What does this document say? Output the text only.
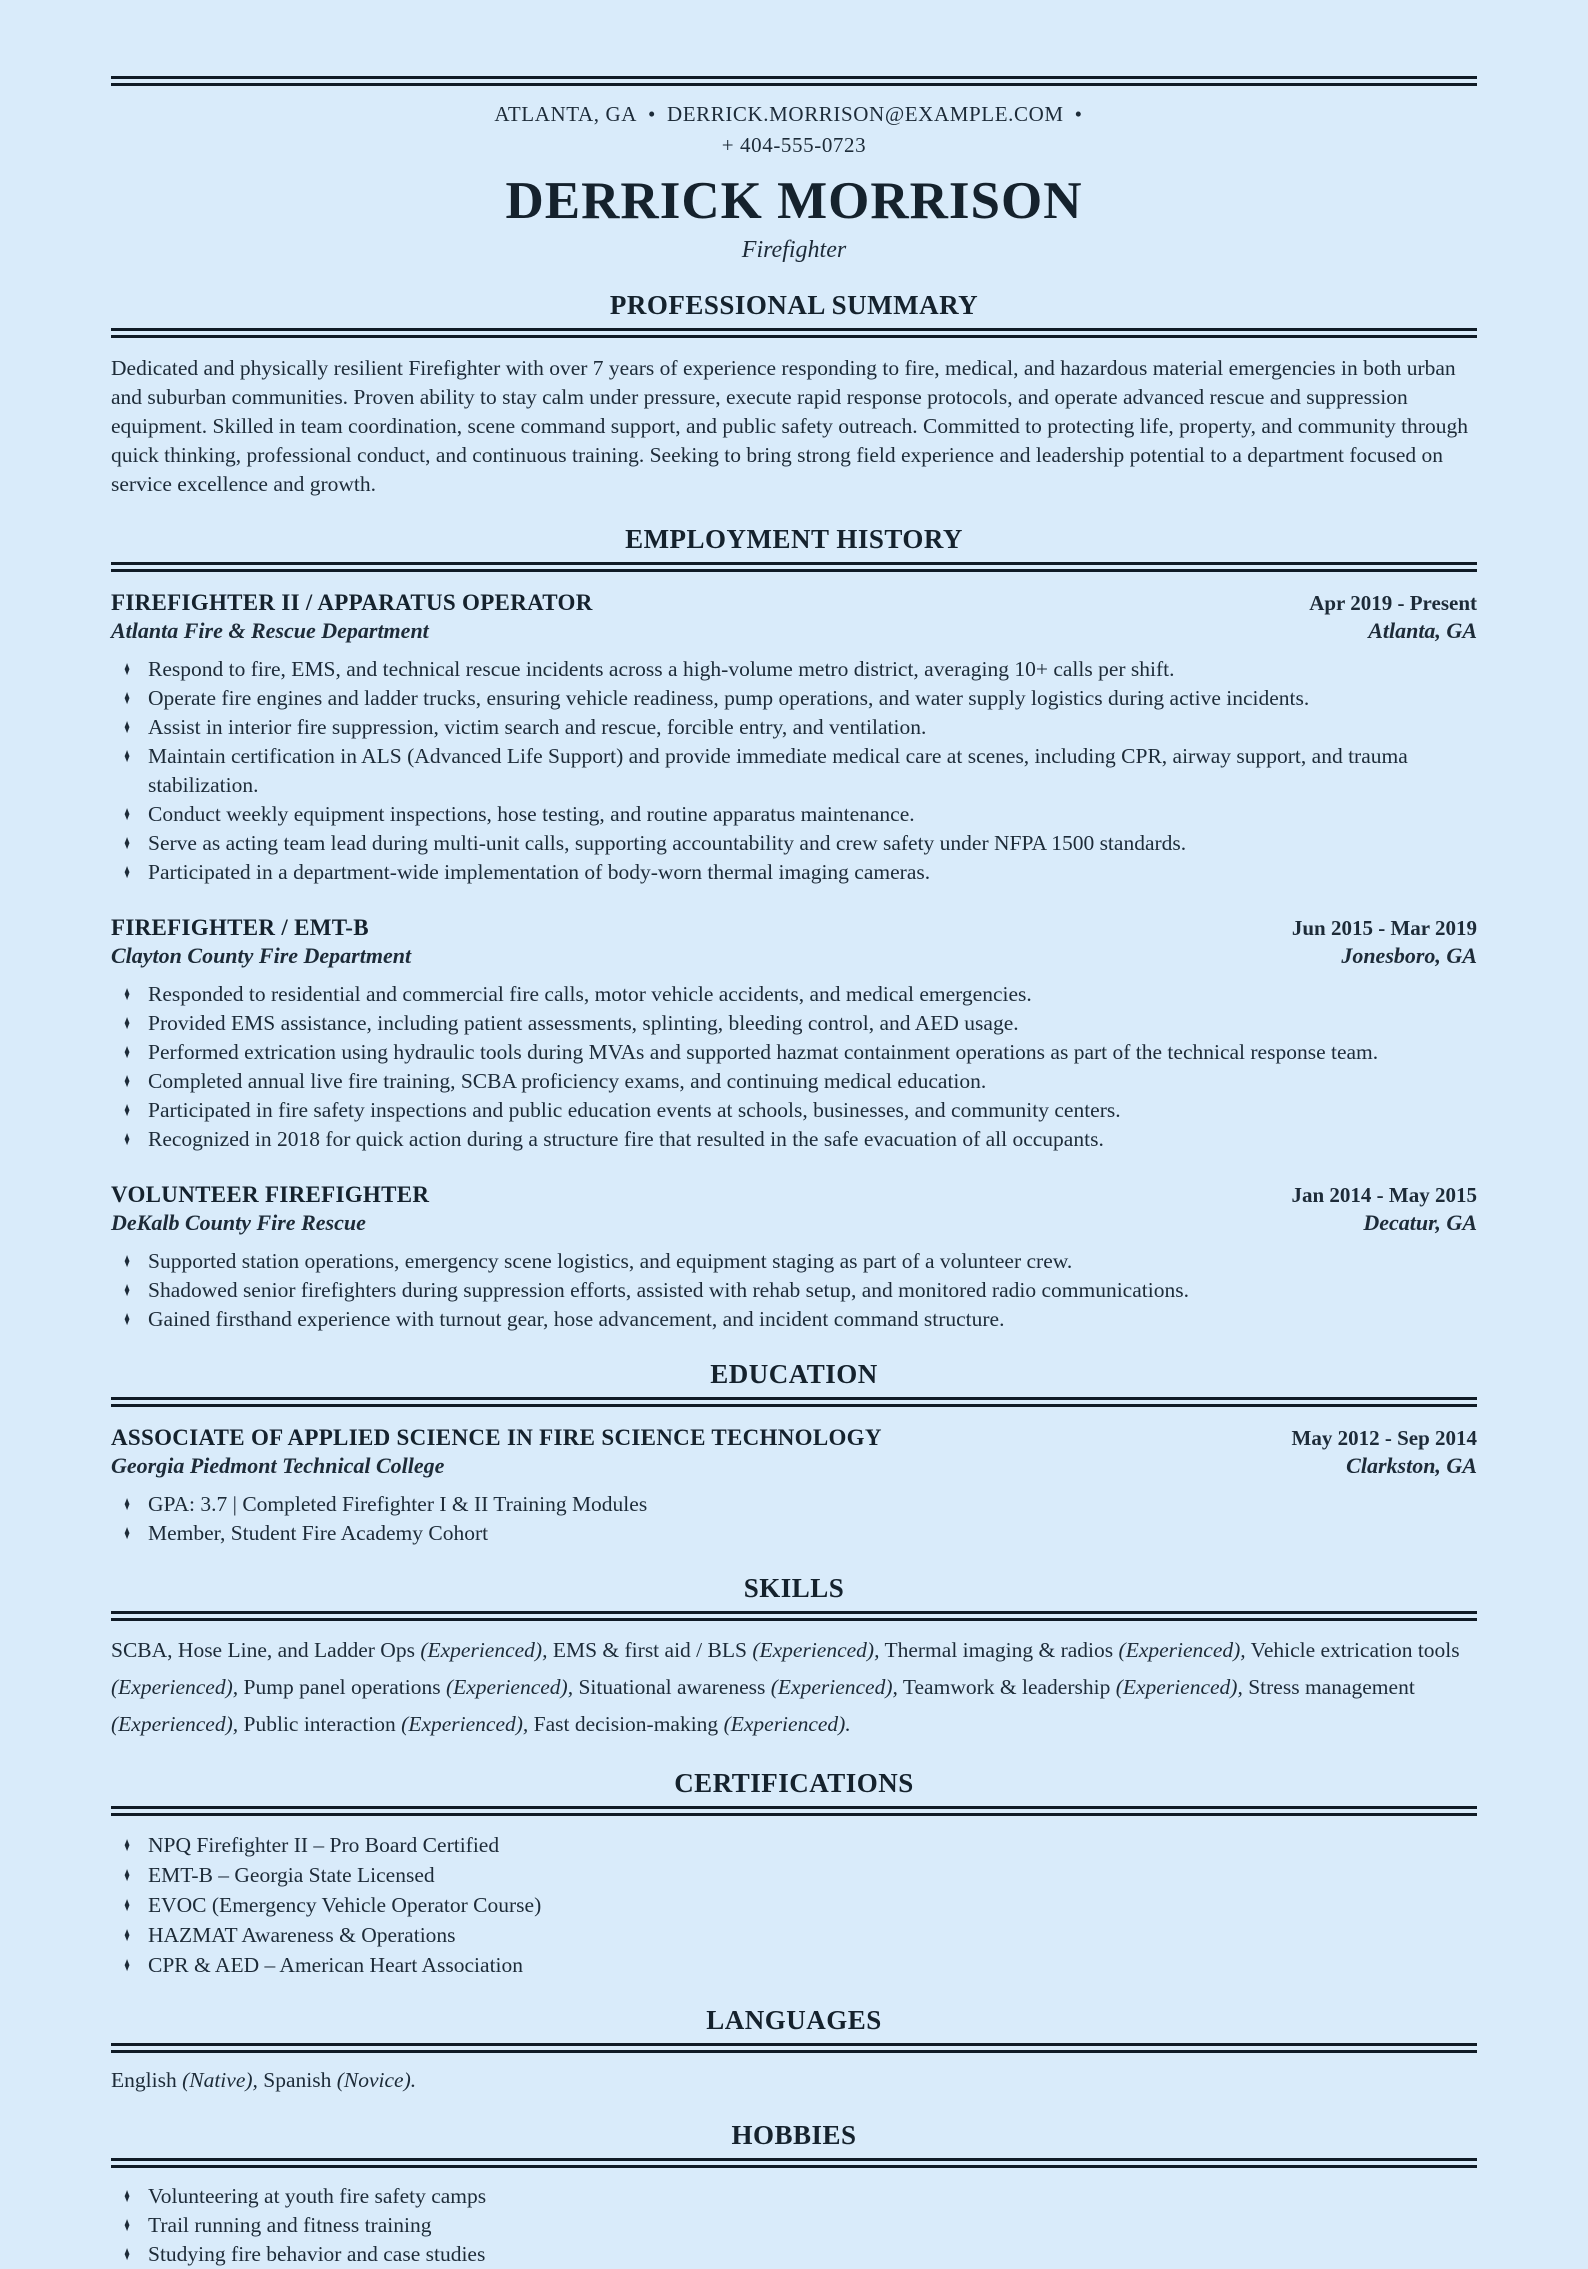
ATLANTA, GA • DERRICK.MORRISON@EXAMPLE.COM •
+ 404-555-0723
DERRICK MORRISON
Firefighter
PROFESSIONAL SUMMARY
Dedicated and physically resilient Firefighter with over 7 years of experience responding to fire, medical, and hazardous material emergencies in both urban and suburban communities. Proven ability to stay calm under pressure, execute rapid response protocols, and operate advanced rescue and suppression equipment. Skilled in team coordination, scene command support, and public safety outreach. Committed to protecting life, property, and community through quick thinking, professional conduct, and continuous training. Seeking to bring strong field experience and leadership potential to a department focused on service excellence and growth.
EMPLOYMENT HISTORY
FIREFIGHTER II / APPARATUS OPERATOR	Apr 2019 - Present
Atlanta Fire & Rescue Department	Atlanta, GA
♦ Respond to fire, EMS, and technical rescue incidents across a high-volume metro district, averaging 10+ calls per shift.
♦ Operate fire engines and ladder trucks, ensuring vehicle readiness, pump operations, and water supply logistics during active incidents.
♦ Assist in interior fire suppression, victim search and rescue, forcible entry, and ventilation.
♦ Maintain certification in ALS (Advanced Life Support) and provide immediate medical care at scenes, including CPR, airway support, and trauma stabilization.
♦ Conduct weekly equipment inspections, hose testing, and routine apparatus maintenance.
♦ Serve as acting team lead during multi-unit calls, supporting accountability and crew safety under NFPA 1500 standards.
♦ Participated in a department-wide implementation of body-worn thermal imaging cameras.
FIREFIGHTER / EMT-B	Jun 2015 - Mar 2019
Clayton County Fire Department	Jonesboro, GA
♦ Responded to residential and commercial fire calls, motor vehicle accidents, and medical emergencies.
♦ Provided EMS assistance, including patient assessments, splinting, bleeding control, and AED usage.
♦ Performed extrication using hydraulic tools during MVAs and supported hazmat containment operations as part of the technical response team.
♦ Completed annual live fire training, SCBA proficiency exams, and continuing medical education.
♦ Participated in fire safety inspections and public education events at schools, businesses, and community centers.
♦ Recognized in 2018 for quick action during a structure fire that resulted in the safe evacuation of all occupants.
VOLUNTEER FIREFIGHTER	Jan 2014 - May 2015
DeKalb County Fire Rescue	Decatur, GA
♦ Supported station operations, emergency scene logistics, and equipment staging as part of a volunteer crew.
♦ Shadowed senior firefighters during suppression efforts, assisted with rehab setup, and monitored radio communications.
♦ Gained firsthand experience with turnout gear, hose advancement, and incident command structure.
EDUCATION
ASSOCIATE OF APPLIED SCIENCE IN FIRE SCIENCE TECHNOLOGY	May 2012 - Sep 2014
Georgia Piedmont Technical College	Clarkston, GA
♦ GPA: 3.7 | Completed Firefighter I & II Training Modules
♦ Member, Student Fire Academy Cohort
SKILLS
SCBA, Hose Line, and Ladder Ops (Experienced), EMS & first aid / BLS (Experienced), Thermal imaging & radios (Experienced), Vehicle extrication tools (Experienced), Pump panel operations (Experienced), Situational awareness (Experienced), Teamwork & leadership (Experienced), Stress management (Experienced), Public interaction (Experienced), Fast decision-making (Experienced).
CERTIFICATIONS
♦ NPQ Firefighter II – Pro Board Certified
♦ EMT-B – Georgia State Licensed
♦ EVOC (Emergency Vehicle Operator Course)
♦ HAZMAT Awareness & Operations
♦ CPR & AED – American Heart Association
LANGUAGES
English (Native), Spanish (Novice).
HOBBIES
♦ Volunteering at youth fire safety camps
♦ Trail running and fitness training
♦ Studying fire behavior and case studies
